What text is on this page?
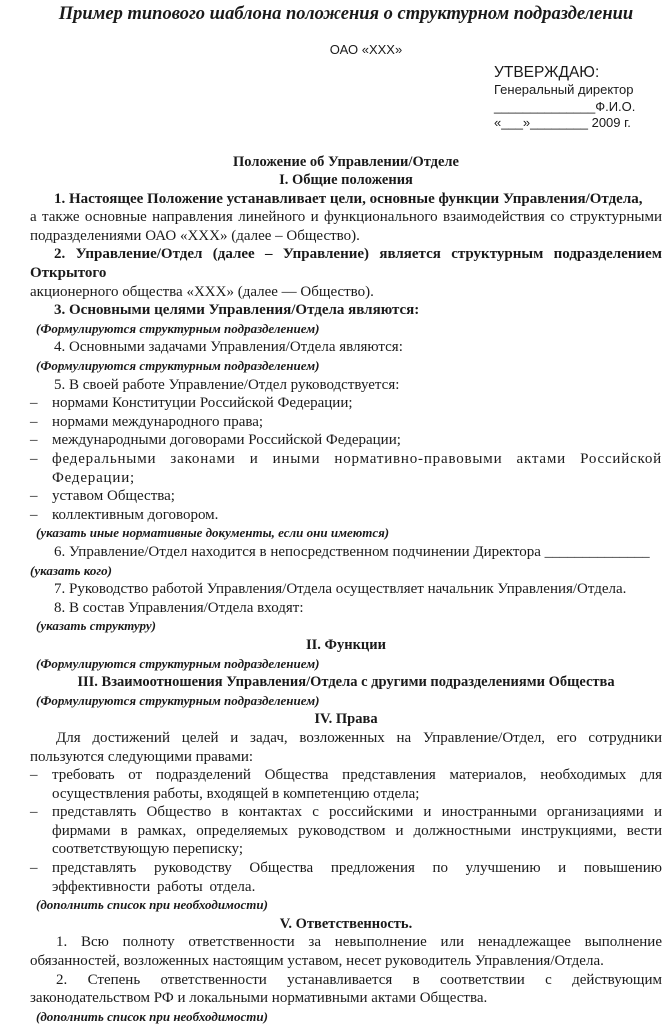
Пример типового шаблона положения о структурном подразделении
ОАО «ХХХ»
УТВЕРЖДАЮ:
Генеральный директор
______________Ф.И.О.
«___»________ 2009 г.
Положение об Управлении/Отделе
I. Общие положения

1. Настоящее Положение устанавливает цели, основные функции Управления/Отдела,

а также основные направления линейного и функционального взаимодействия со структурными подразделениями ОАО «ХХХ» (далее – Общество).

2. Управление/Отдел (далее – Управление) является структурным подразделением Открытого

акционерного общества «ХХХ» (далее — Общество).

3. Основными целями Управления/Отдела являются:

(Формулируются структурным подразделением)

4. Основными задачами Управления/Отдела являются:

(Формулируются структурным подразделением)

5. В своей работе Управление/Отдел руководствуется:

– нормами Конституции Российской Федерации;
– нормами международного права;
– международными договорами Российской Федерации;
– федеральными законами и иными нормативно-правовыми актами Российской Федерации;
– уставом Общества;
– коллективным договором.
(указать иные нормативные документы, если они имеются)

6. Управление/Отдел находится в непосредственном подчинении Директора ______________

(указать кого)

7. Руководство работой Управления/Отдела осуществляет начальник Управления/Отдела.

8. В состав Управления/Отдела входят:

(указать структуру)
II. Функции
(Формулируются структурным подразделением)
III. Взаимоотношения Управления/Отдела с другими подразделениями Общества
(Формулируются структурным подразделением)
IV. Права

Для достижений целей и задач, возложенных на Управление/Отдел, его сотрудники пользуются следующими правами:

– требовать от подразделений Общества представления материалов, необходимых для осуществления работы, входящей в компетенцию отдела;
– представлять Общество в контактах с российскими и иностранными организациями и фирмами в рамках, определяемых руководством и должностными инструкциями, вести соответствующую переписку;
– представлять руководству Общества предложения по улучшению и повышению эффективности работы отдела.
(дополнить список при необходимости)
V. Ответственность.

1. Всю полноту ответственности за невыполнение или ненадлежащее выполнение обязанностей, возложенных настоящим уставом, несет руководитель Управления/Отдела.

2. Степень ответственности устанавливается в соответствии с действующим законодательством РФ и локальными нормативными актами Общества.

(дополнить список при необходимости)
